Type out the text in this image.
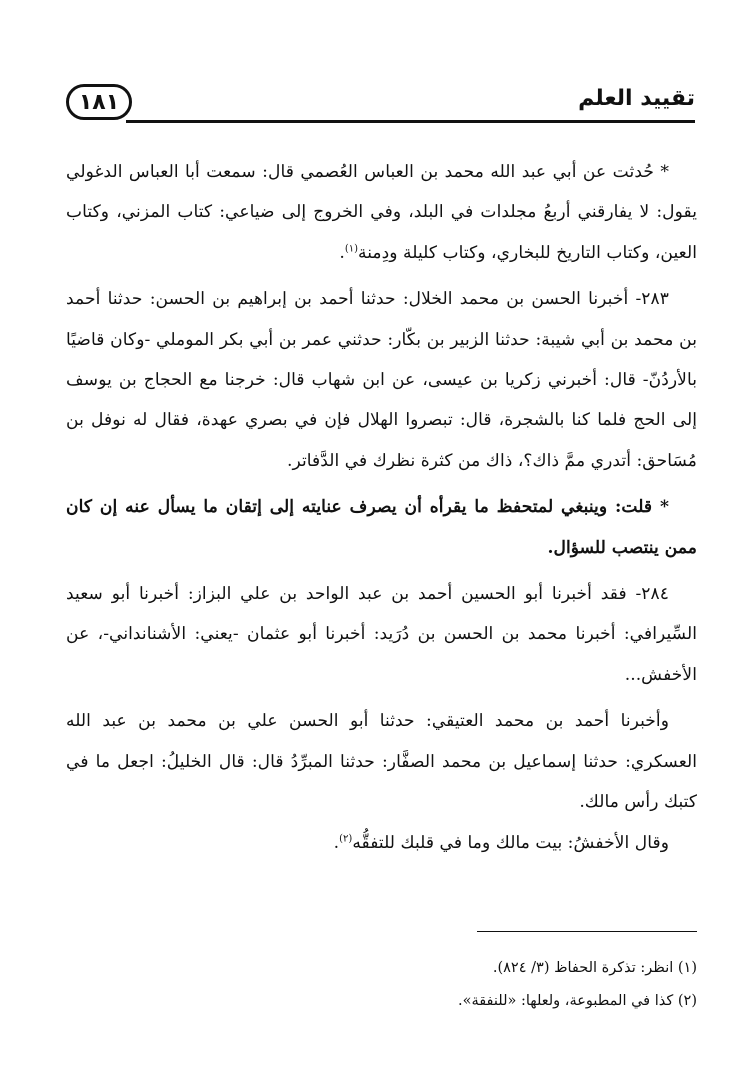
١٨١	تقييد العلم

* حُدثت عن أبي عبد الله محمد بن العباس العُصمي قال: سمعت أبا العباس الدغولي يقول: لا يفارقني أربعُ مجلدات في البلد، وفي الخروج إلى ضياعي: كتاب المزني، وكتاب العين، وكتاب التاريخ للبخاري، وكتاب كليلة ودِمنة$^{(١)}$.

٢٨٣- أخبرنا الحسن بن محمد الخلال: حدثنا أحمد بن إبراهيم بن الحسن: حدثنا أحمد بن محمد بن أبي شيبة: حدثنا الزبير بن بكّار: حدثني عمر بن أبي بكر الموملي -وكان قاضيًا بالأردُنّ- قال: أخبرني زكريا بن عيسى، عن ابن شهاب قال: خرجنا مع الحجاج بن يوسف إلى الحج فلما كنا بالشجرة، قال: تبصروا الهلال فإن في بصري عهدة، فقال له نوفل بن مُسَاحق: أتدري ممَّ ذاك؟، ذاك من كثرة نظرك في الدَّفاتر.

* قلت: وينبغي لمتحفظ ما يقرأه أن يصرف عنايته إلى إتقان ما يسأل عنه إن كان ممن ينتصب للسؤال.

٢٨٤- فقد أخبرنا أبو الحسين أحمد بن عبد الواحد بن علي البزاز: أخبرنا أبو سعيد السِّيرافي: أخبرنا محمد بن الحسن بن دُرَيد: أخبرنا أبو عثمان -يعني: الأشنانداني-، عن الأخفش...

وأخبرنا أحمد بن محمد العتيقي: حدثنا أبو الحسن علي بن محمد بن عبد الله العسكري: حدثنا إسماعيل بن محمد الصفَّار: حدثنا المبرِّدُ قال: قال الخليلُ: اجعل ما في كتبك رأس مالك.

وقال الأخفشُ: بيت مالك وما في قلبك للتفقُّه$^{(٢)}$.

(١) انظر: تذكرة الحفاظ (٣/ ٨٢٤).

(٢) كذا في المطبوعة، ولعلها: «للنفقة».
